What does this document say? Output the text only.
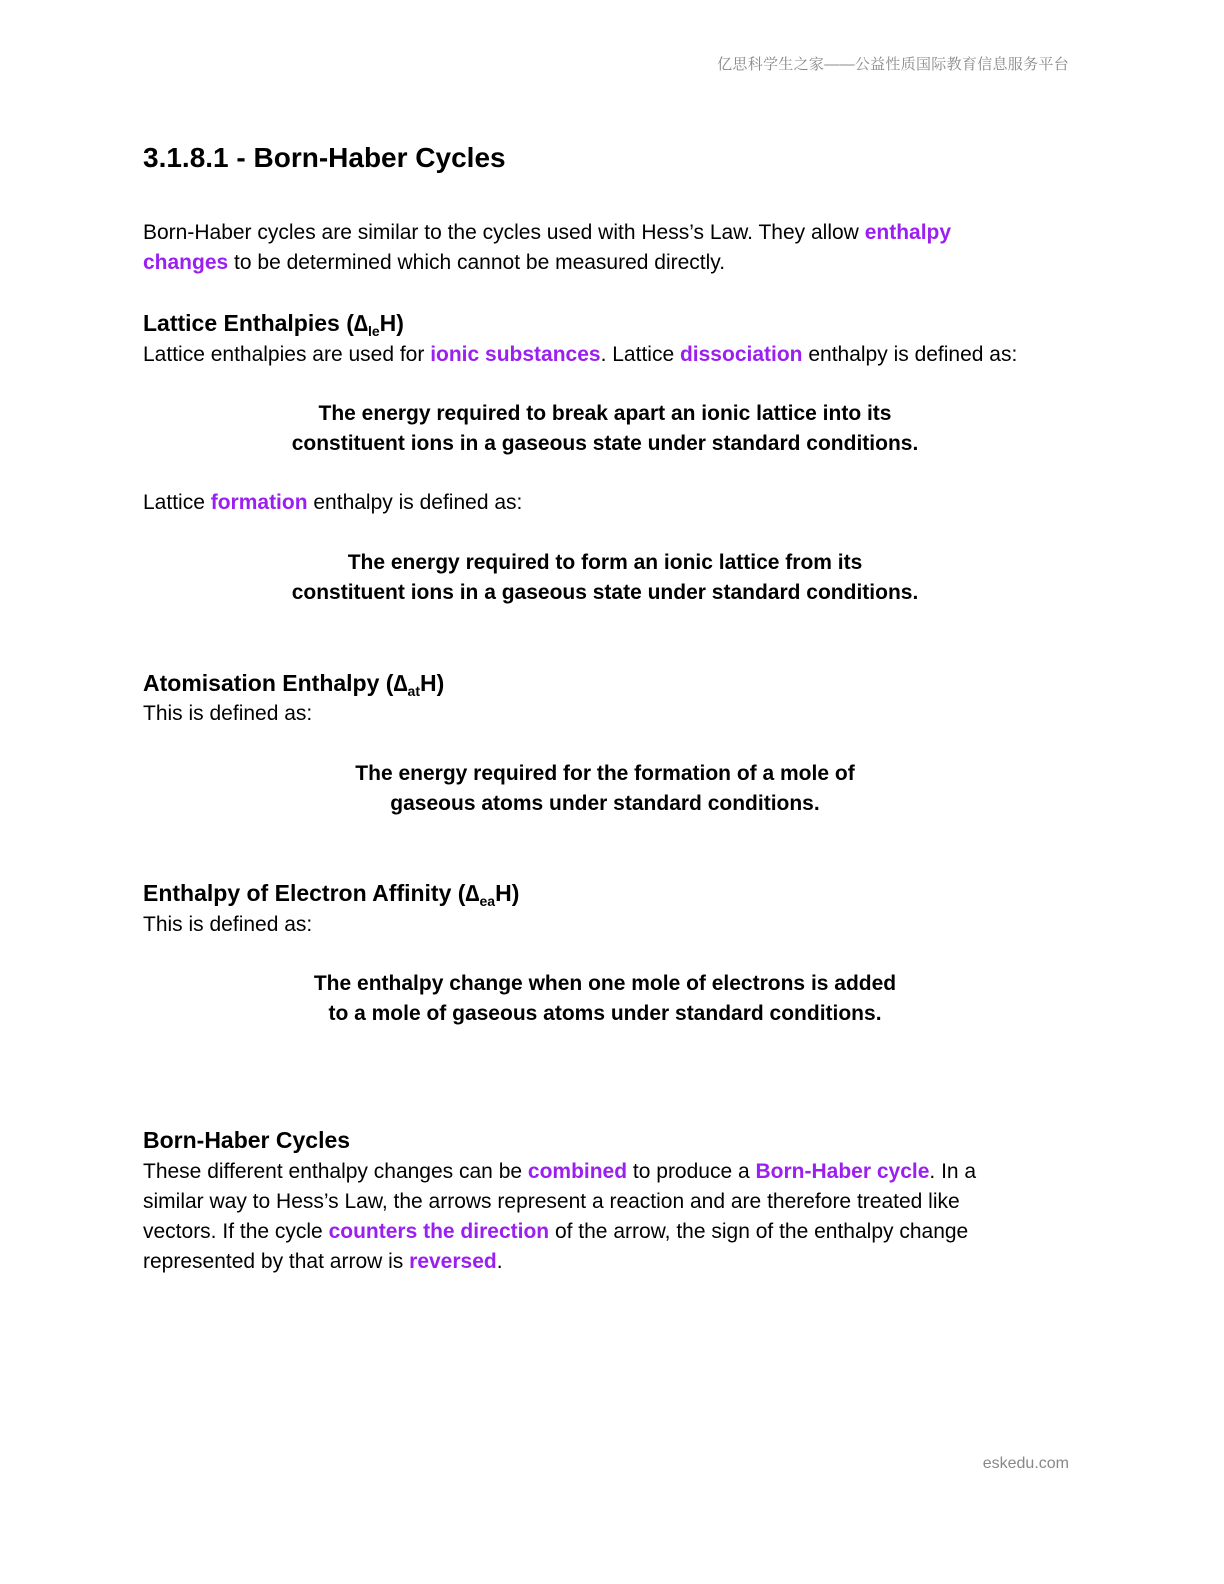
亿思科学生之家——公益性质国际教育信息服务平台
3.1.8.1 - Born-Haber Cycles

Born-Haber cycles are similar to the cycles used with Hess’s Law. They allow enthalpy changes to be determined which cannot be measured directly.

Lattice Enthalpies $(\Delta_{le}H)$

Lattice enthalpies are used for ionic substances. Lattice dissociation enthalpy is defined as:

The energy required to break apart an ionic lattice into its
constituent ions in a gaseous state under standard conditions.

Lattice formation enthalpy is defined as:

The energy required to form an ionic lattice from its
constituent ions in a gaseous state under standard conditions.
Atomisation Enthalpy $(\Delta_{at}H)$

This is defined as:

The energy required for the formation of a mole of
gaseous atoms under standard conditions.
Enthalpy of Electron Affinity $(\Delta_{ea}H)$

This is defined as:

The enthalpy change when one mole of electrons is added
to a mole of gaseous atoms under standard conditions.
Born-Haber Cycles

These different enthalpy changes can be combined to produce a Born-Haber cycle. In a similar way to Hess’s Law, the arrows represent a reaction and are therefore treated like vectors. If the cycle counters the direction of the arrow, the sign of the enthalpy change represented by that arrow is reversed.

eskedu.com
